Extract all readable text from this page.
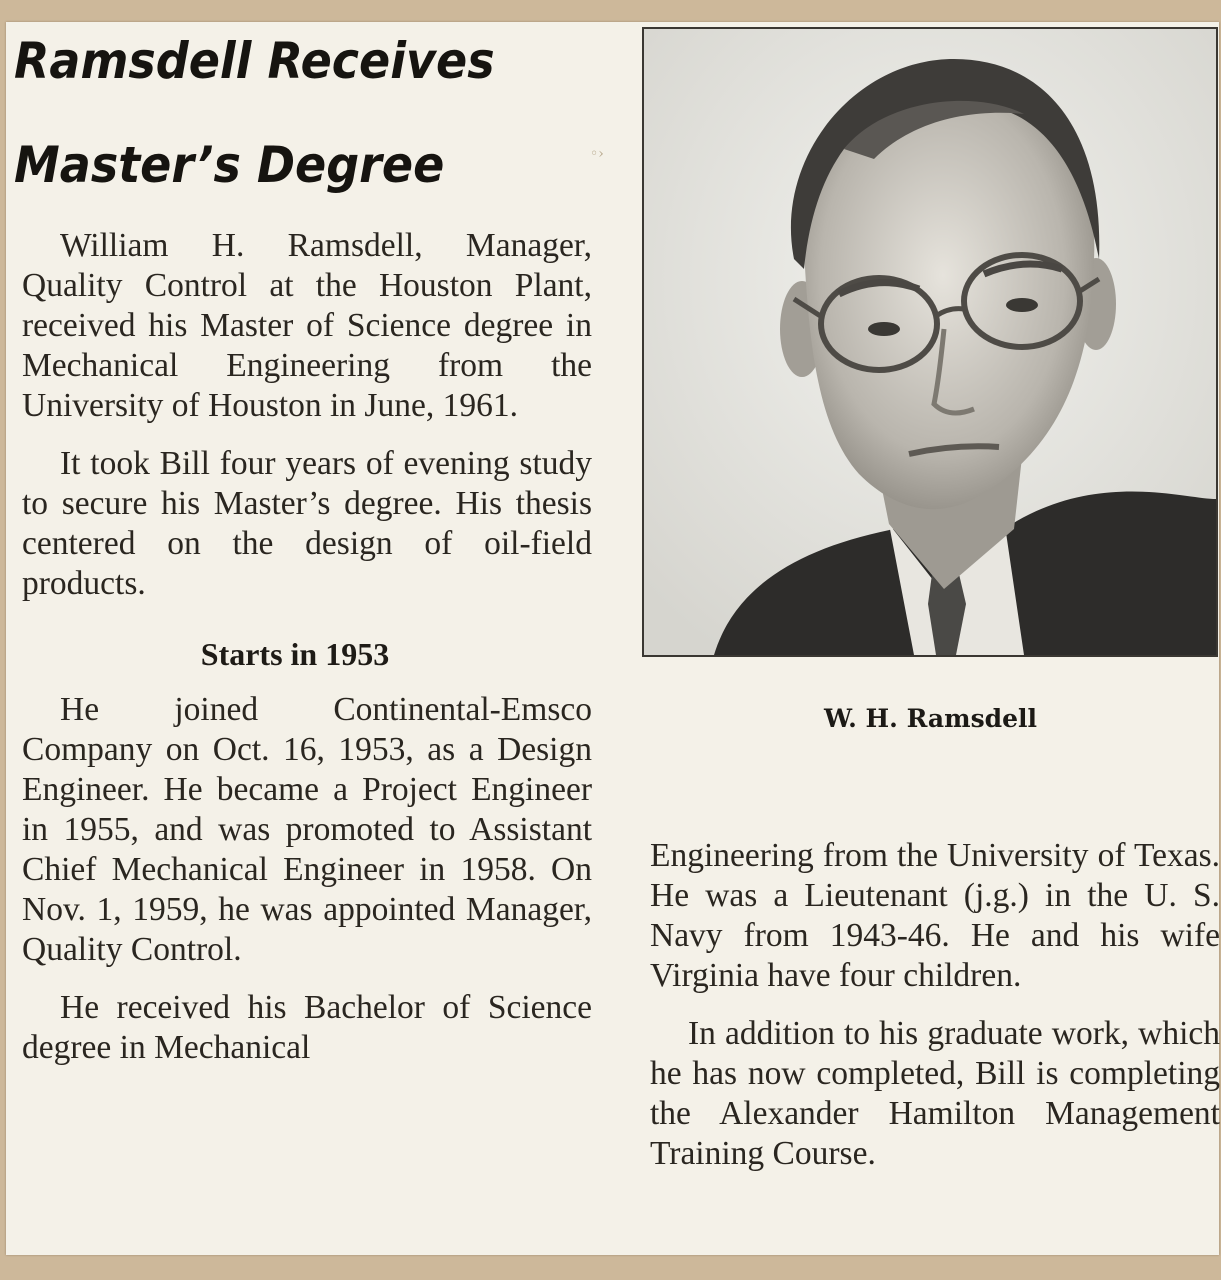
Ramsdell Receives
Master’s Degree	◦›

William H. Ramsdell, Manager, Quality Control at the Houston Plant, received his Master of Science degree in Mechanical Engineering from the University of Houston in June, 1961.

It took Bill four years of evening study to secure his Master’s degree. His thesis centered on the design of oil-field products.

Starts in 1953

He joined Continental-Emsco Company on Oct. 16, 1953, as a Design Engineer. He became a Project Engineer in 1955, and was promoted to Assistant Chief Mechanical Engineer in 1958. On Nov. 1, 1959, he was appointed Manager, Quality Control.

He received his Bachelor of Science degree in Mechanical

W. H. Ramsdell

Engineering from the University of Texas. He was a Lieutenant (j.g.) in the U. S. Navy from 1943-46. He and his wife Virginia have four children.

In addition to his graduate work, which he has now completed, Bill is completing the Alexander Hamilton Management Training Course.
